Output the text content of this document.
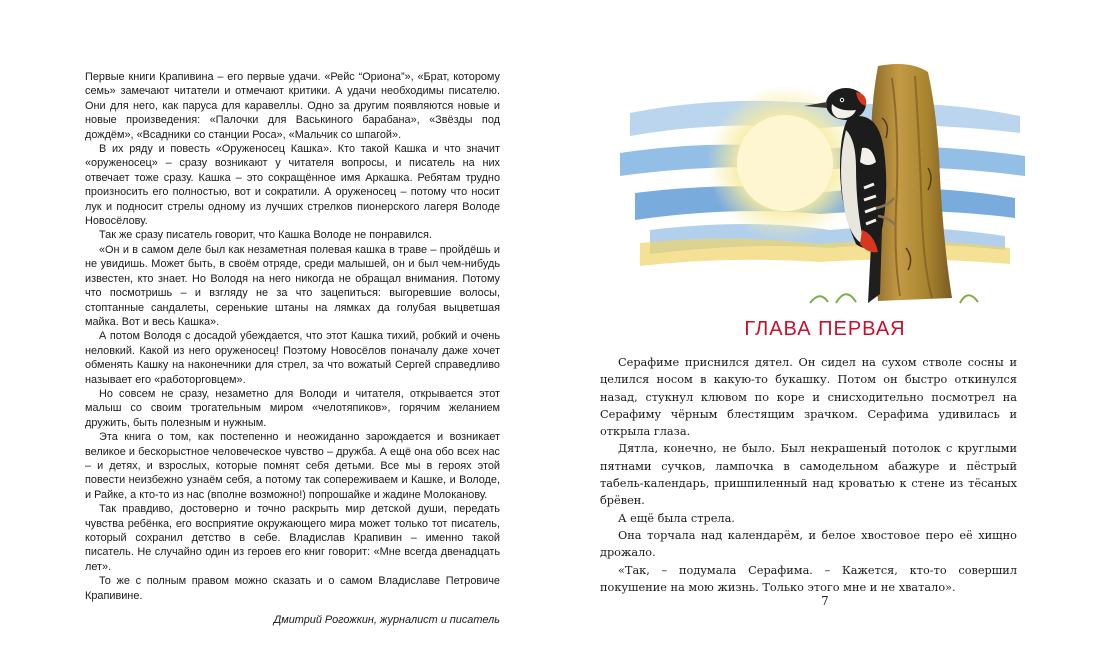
Первые книги Крапивина – его первые удачи. «Рейс “Ориона”», «Брат, которому семь» замечают читатели и отмечают критики. А удачи необходимы писателю. Они для него, как паруса для каравеллы. Одно за другим появляются новые и новые произведения: «Палочки для Васькиного барабана», «Звёзды под дождём», «Всадники со станции Роса», «Мальчик со шпагой».

В их ряду и повесть «Оруженосец Кашка». Кто такой Кашка и что значит «оруженосец» – сразу возникают у читателя вопросы, и писатель на них отвечает тоже сразу. Кашка – это сокращённое имя Аркашка. Ребятам трудно произносить его полностью, вот и сократили. А оруженосец – потому что носит лук и подносит стрелы одному из лучших стрелков пионерского лагеря Володе Новосёлову.

Так же сразу писатель говорит, что Кашка Володе не понравился.

«Он и в самом деле был как незаметная полевая кашка в траве – пройдёшь и не увидишь. Может быть, в своём отряде, среди малышей, он и был чем-нибудь известен, кто знает. Но Володя на него никогда не обращал внимания. Потому что посмотришь – и взгляду не за что зацепиться: выгоревшие волосы, стоптанные сандалеты, серенькие штаны на лямках да голубая выцветшая майка. Вот и весь Кашка».

А потом Володя с досадой убеждается, что этот Кашка тихий, робкий и очень неловкий. Какой из него оруженосец! Поэтому Новосёлов поначалу даже хочет обменять Кашку на наконечники для стрел, за что вожатый Сергей справедливо называет его «работорговцем».

Но совсем не сразу, незаметно для Володи и читателя, открывается этот малыш со своим трогательным миром «челотяпиков», горячим желанием дружить, быть полезным и нужным.

Эта книга о том, как постепенно и неожиданно зарождается и возникает великое и бескорыстное человеческое чувство – дружба. А ещё она обо всех нас – и детях, и взрослых, которые помнят себя детьми. Все мы в героях этой повести неизбежно узнаём себя, а потому так сопереживаем и Кашке, и Володе, и Райке, а кто-то из нас (вполне возможно!) попрошайке и жадине Молоканову.

Так правдиво, достоверно и точно раскрыть мир детской души, передать чувства ребёнка, его восприятие окружающего мира может только тот писатель, который сохранил детство в себе. Владислав Крапивин – именно такой писатель. Не случайно один из героев его книг говорит: «Мне всегда двенадцать лет».

То же с полным правом можно сказать и о самом Владиславе Петровиче Крапивине.

Дмитрий Рогожкин, журналист и писатель

ГЛАВА ПЕРВАЯ

Серафиме приснился дятел. Он сидел на сухом стволе сосны и целился носом в какую-то букашку. Потом он быстро откинулся назад, стукнул клювом по коре и снисходительно посмотрел на Серафиму чёрным блестящим зрачком. Серафима удивилась и открыла глаза.

Дятла, конечно, не было. Был некрашеный потолок с круглыми пятнами сучков, лампочка в самодельном абажуре и пёстрый табель-календарь, пришпиленный над кроватью к стене из тёсаных брёвен.

А ещё была стрела.

Она торчала над календарём, и белое хвостовое перо её хищно дрожало.

«Так, – подумала Серафима. – Кажется, кто-то совершил покушение на мою жизнь. Только этого мне и не хватало».

7
